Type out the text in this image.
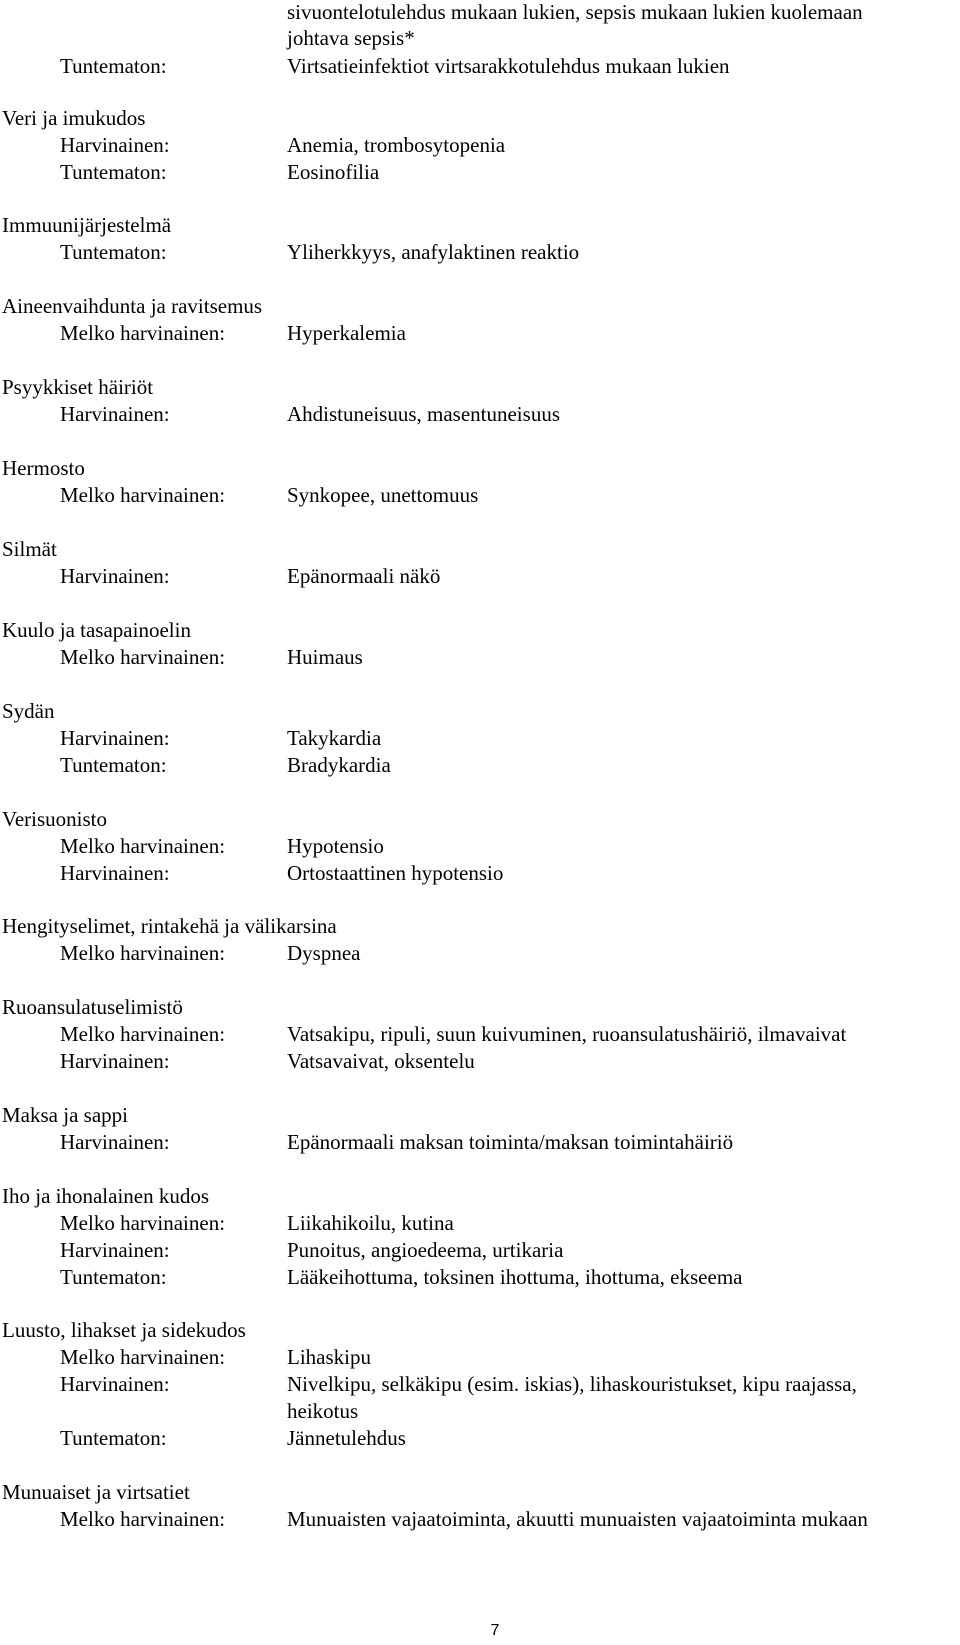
sivuontelotulehdus mukaan lukien, sepsis mukaan lukien kuolemaan
johtava sepsis*
Tuntematon:	Virtsatieinfektiot virtsarakkotulehdus mukaan lukien
Veri ja imukudos
Harvinainen:	Anemia, trombosytopenia
Tuntematon:	Eosinofilia
Immuunijärjestelmä
Tuntematon:	Yliherkkyys, anafylaktinen reaktio
Aineenvaihdunta ja ravitsemus
Melko harvinainen:	Hyperkalemia
Psyykkiset häiriöt
Harvinainen:	Ahdistuneisuus, masentuneisuus
Hermosto
Melko harvinainen:	Synkopee, unettomuus
Silmät
Harvinainen:	Epänormaali näkö
Kuulo ja tasapainoelin
Melko harvinainen:	Huimaus
Sydän
Harvinainen:	Takykardia
Tuntematon:	Bradykardia
Verisuonisto
Melko harvinainen:	Hypotensio
Harvinainen:	Ortostaattinen hypotensio
Hengityselimet, rintakehä ja välikarsina
Melko harvinainen:	Dyspnea
Ruoansulatuselimistö
Melko harvinainen:	Vatsakipu, ripuli, suun kuivuminen, ruoansulatushäiriö, ilmavaivat
Harvinainen:	Vatsavaivat, oksentelu
Maksa ja sappi
Harvinainen:	Epänormaali maksan toiminta/maksan toimintahäiriö
Iho ja ihonalainen kudos
Melko harvinainen:	Liikahikoilu, kutina
Harvinainen:	Punoitus, angioedeema, urtikaria
Tuntematon:	Lääkeihottuma, toksinen ihottuma, ihottuma, ekseema
Luusto, lihakset ja sidekudos
Melko harvinainen:	Lihaskipu
Harvinainen:	Nivelkipu, selkäkipu (esim. iskias), lihaskouristukset, kipu raajassa,
heikotus
Tuntematon:	Jännetulehdus
Munuaiset ja virtsatiet
Melko harvinainen:	Munuaisten vajaatoiminta, akuutti munuaisten vajaatoiminta mukaan
7
